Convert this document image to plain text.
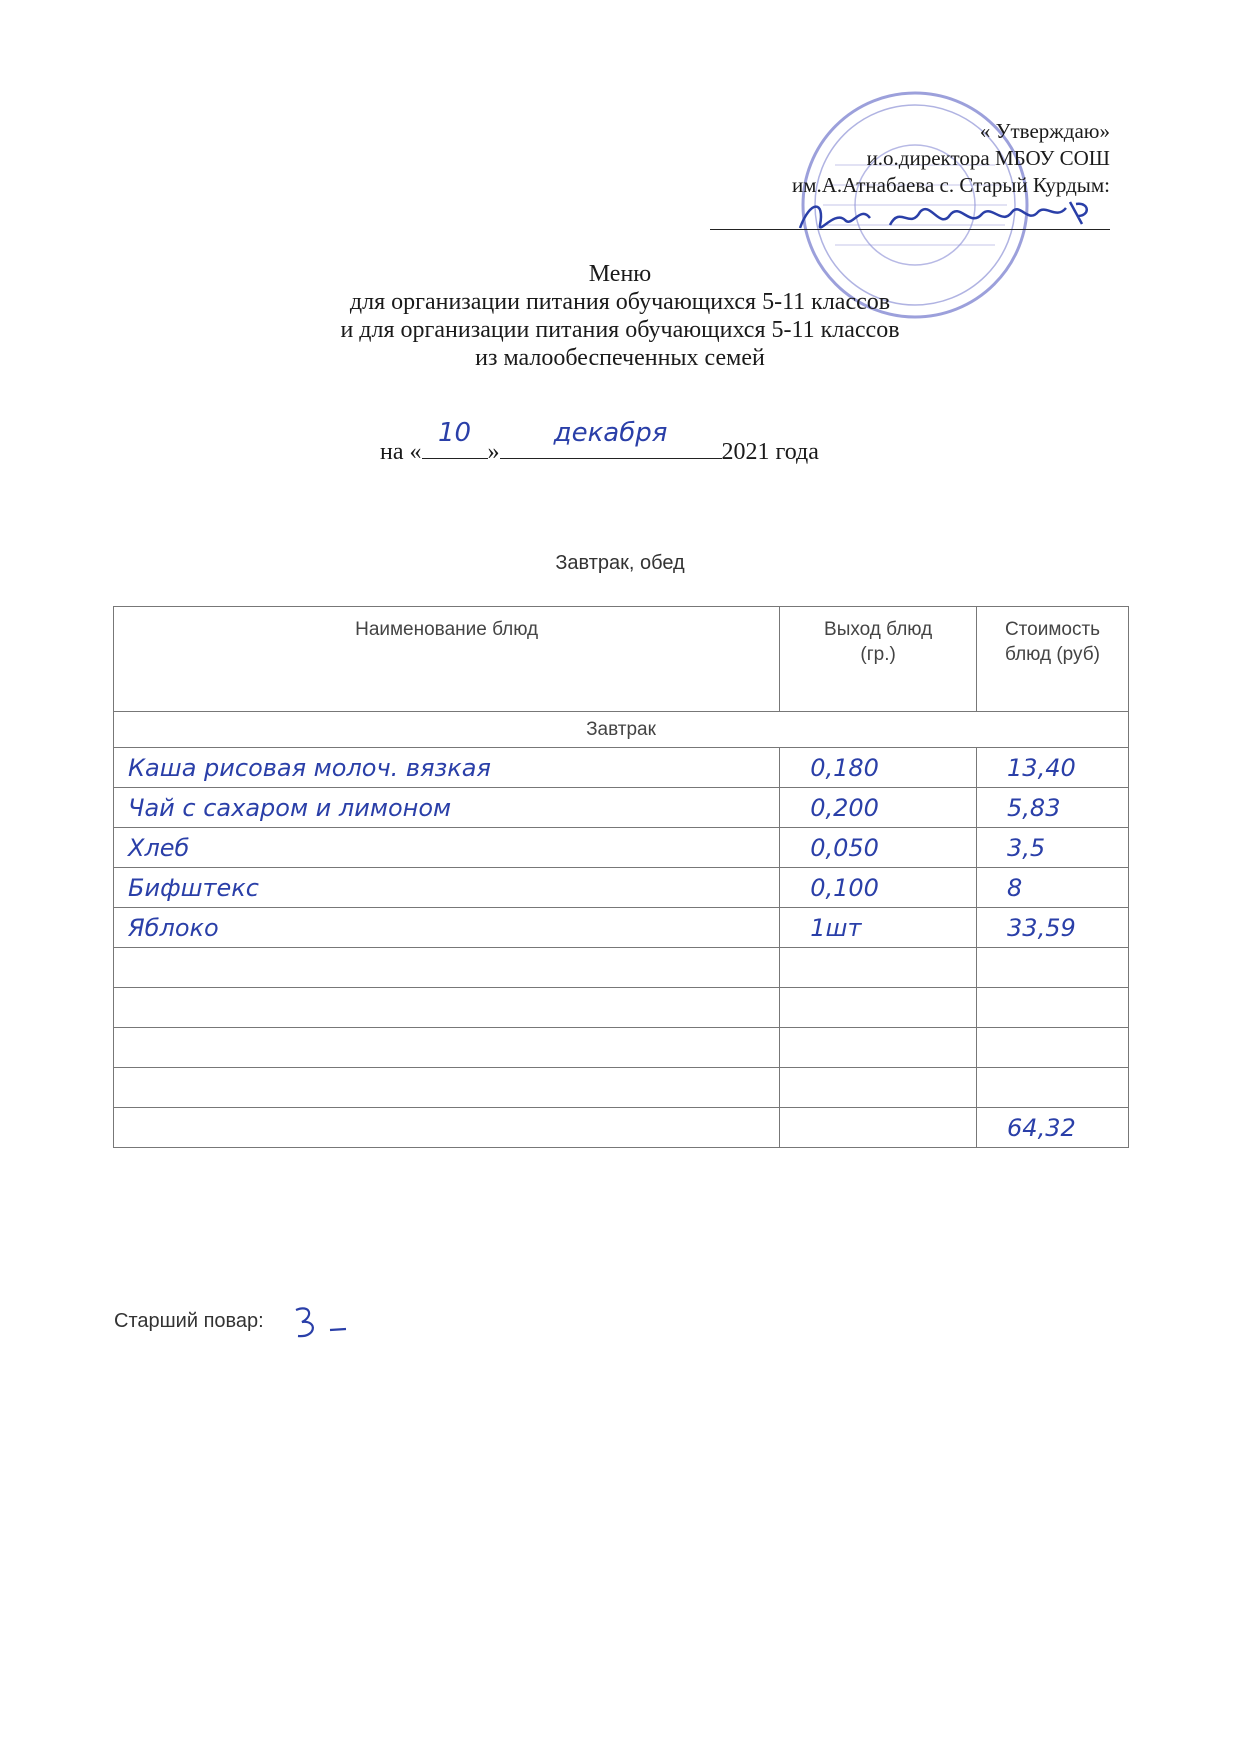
« Утверждаю»
и.о.директора МБОУ СОШ
им.А.Атнабаева с. Старый Курдым:
Меню
для организации питания обучающихся 5-11 классов
и для организации питания обучающихся 5-11 классов
из малообеспеченных семей
на «
10
»
декабря
2021 года
Завтрак, обед
Наименование блюд	Выход блюд (гр.)	Стоимость блюд (руб)

Завтрак		
Каша рисовая молоч. вязкая	0,180	13,40
Чай с сахаром и лимоном	0,200	5,83
Хлеб	0,050	3,5
Бифштекс	0,100	8
Яблоко	1шт	33,59

		64,32
Старший повар:
